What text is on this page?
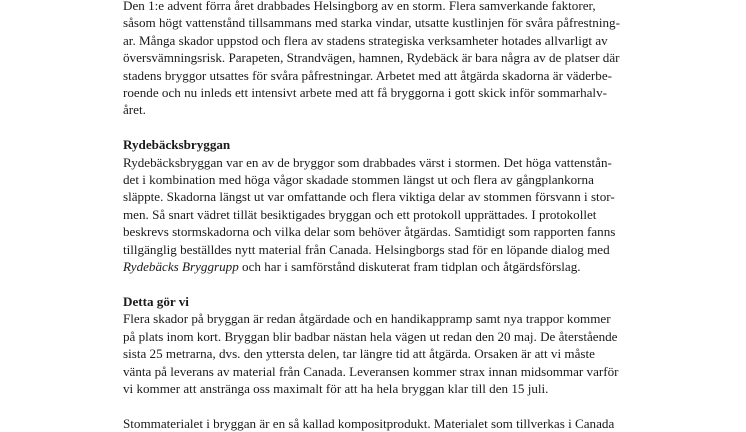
Den 1:e advent förra året drabbades Helsingborg av en storm. Flera samverkande faktorer,
såsom högt vattenstånd tillsammans med starka vindar, utsatte kustlinjen för svåra påfrestning-
ar. Många skador uppstod och flera av stadens strategiska verksamheter hotades allvarligt av
översvämningsrisk. Parapeten, Strandvägen, hamnen, Rydebäck är bara några av de platser där
stadens bryggor utsattes för svåra påfrestningar. Arbetet med att åtgärda skadorna är väderbe-
roende och nu inleds ett intensivt arbete med att få bryggorna i gott skick inför sommarhalv-
året.
Rydebäcksbryggan
Rydebäcksbryggan var en av de bryggor som drabbades värst i stormen. Det höga vattenstån-
det i kombination med höga vågor skadade stommen längst ut och flera av gångplankorna
släppte. Skadorna längst ut var omfattande och flera viktiga delar av stommen försvann i stor-
men. Så snart vädret tillät besiktigades bryggan och ett protokoll upprättades. I protokollet
beskrevs stormskadorna och vilka delar som behöver åtgärdas. Samtidigt som rapporten fanns
tillgänglig beställdes nytt material från Canada. Helsingborgs stad för en löpande dialog med
Rydebäcks Bryggrupp och har i samförstånd diskuterat fram tidplan och åtgärdsförslag.
Detta gör vi
Flera skador på bryggan är redan åtgärdade och en handikappramp samt nya trappor kommer
på plats inom kort. Bryggan blir badbar nästan hela vägen ut redan den 20 maj. De återstående
sista 25 metrarna, dvs. den yttersta delen, tar längre tid att åtgärda. Orsaken är att vi måste
vänta på leverans av material från Canada. Leveransen kommer strax innan midsommar varför
vi kommer att anstränga oss maximalt för att ha hela bryggan klar till den 15 juli.
Stommaterialet i bryggan är en så kallad kompositprodukt. Materialet som tillverkas i Canada
